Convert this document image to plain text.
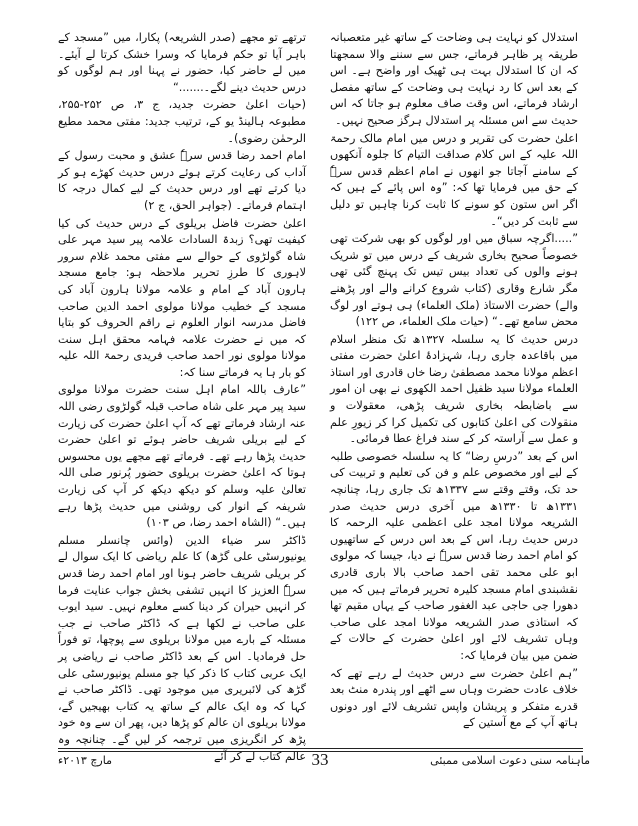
استدلال کو نہایت ہی وضاحت کے ساتھ غیر متعصبانہ طریقہ پر ظاہر فرماتے، جس سے سننے والا سمجھتا کہ ان کا استدلال بہت ہی ٹھیک اور واضح ہے۔ اس کے بعد اس کا رد نہایت ہی وضاحت کے ساتھ مفصل ارشاد فرماتے، اس وقت صاف معلوم ہو جاتا کہ اس حدیث سے اس مسئلہ پر استدلال ہرگز صحیح نہیں۔

اعلیٰ حضرت کی تقریر و درس میں امام مالک رحمۃ اللہ علیہ کے اس کلام صداقت التیام کا جلوہ آنکھوں کے سامنے آجاتا جو انھوں نے امام اعظم قدس سرہٗ کے حق میں فرمایا تھا کہ: ”وہ اس پائے کے ہیں کہ اگر اس ستون کو سونے کا ثابت کرنا چاہیں تو دلیل سے ثابت کر دیں“۔

”.....اگرچہ سباق میں اور لوگوں کو بھی شرکت تھی خصوصاً صحیح بخاری شریف کے درس میں تو شریک ہونے والوں کی تعداد بیس تیس تک پہنچ گئی تھی مگر شارع وقاری (کتاب شروع کرانے والے اور پڑھنے والے) حضرت الاستاذ (ملک العلماء) ہی ہوتے اور لوگ محض سامع تھے۔“ (حیات ملک العلماء، ص ۱۲۲)

درس حدیث کا یہ سلسلہ ۱۳۲۷ھ تک منظر اسلام میں باقاعدہ جاری رہا، شہزادۂ اعلیٰ حضرت مفتی اعظم مولانا محمد مصطفیٰ رضا خاں قادری اور استاذ العلماء مولانا سید ظفیل احمد الکھوی نے بھی ان امور سے باضابطہ بخاری شریف پڑھی، معقولات و منقولات کی اعلیٰ کتابوں کی تکمیل کرا کر زیورِ علم و عمل سے آراستہ کر کے سند فراغ عطا فرمائی۔

اس کے بعد ”درسِ رضا“ کا یہ سلسلہ خصوصی طلبہ کے لیے اور مخصوص علم و فن کی تعلیم و تربیت کی حد تک، وقتے وقتے سے ۱۳۳۷ھ تک جاری رہا، چنانچہ ۱۳۳۱ھ تا ۱۳۳۰ھ میں آخری درس حدیث صدر الشریعہ مولانا امجد علی اعظمی علیہ الرحمہ کا درس حدیث رہا، اس کے بعد اس درس کے ساتھیوں کو امام احمد رضا قدس سرہٗ نے دیا، جیسا کہ مولوی ابو علی محمد تقی احمد صاحب بالا باری قادری نقشبندی امام مسجد کلیرہ تحریر فرماتے ہیں کہ میں دھورا جی حاجی عبد الغفور صاحب کے یہاں مقیم تھا کہ استاذی صدر الشریعہ مولانا امجد علی صاحب وہاں تشریف لائے اور اعلیٰ حضرت کے حالات کے ضمن میں بیان فرمایا کہ:

”ہم اعلیٰ حضرت سے درس حدیث لے رہے تھے کہ خلاف عادت حضرت وہاں سے اٹھے اور پندرہ منٹ بعد قدرے متفکر و پریشان واپس تشریف لائے اور دونوں ہاتھ آپ کے مع آستین کے

ترتھے تو مجھے (صدر الشریعہ) پکارا، میں ”مسجد کے باہر آیا تو حکم فرمایا کہ وسرا خشک کرتا لے آیئے۔ میں لے حاضر کیا، حضور نے پہنا اور ہم لوگوں کو درس حدیث دینے لگے۔.......“

(حیات اعلیٰ حضرت جدید، ج ۳، ص ۲۵۲-۲۵۵، مطبوعہ ہالینڈ یو کے، ترتیب جدید: مفتی محمد مطیع الرحمٰن رضوی)۔

امام احمد رضا قدس سرہٗ عشق و محبت رسول کے آداب کی رعایت کرتے ہوئے درس حدیث کھڑے ہو کر دیا کرتے تھے اور درس حدیث کے لیے کمال درجہ کا اہتمام فرماتے۔ (جواہر الحق، ج ۲)

اعلیٰ حضرت فاضل بریلوی کے درس حدیث کی کیا کیفیت تھی؟ زبدۃ السادات علامہ پیر سید مہر علی شاہ گولڑوی کے حوالے سے مفتی محمد غلام سرور لاہوری کا طرزِ تحریر ملاحظہ ہو: جامع مسجد ہارون آباد کے امام و علامہ مولانا ہارون آباد کی مسجد کے خطیب مولانا مولوی احمد الدین صاحب فاضل مدرسہ انوار العلوم نے راقم الحروف کو بتایا کہ میں نے حضرت علامہ فہامہ محقق اہل سنت مولانا مولوی نور احمد صاحب فریدی رحمۃ اللہ علیہ کو بار ہا یہ فرماتے سنا کہ:

”عارف باللہ امام اہل سنت حضرت مولانا مولوی سید پیر مہر علی شاہ صاحب قبلہ گولڑوی رضی اللہ عنہ ارشاد فرماتے تھے کہ آپ اعلیٰ حضرت کی زیارت کے لیے بریلی شریف حاضر ہوئے تو اعلیٰ حضرت حدیث پڑھا رہے تھے۔ فرماتے تھے مجھے یوں محسوس ہوتا کہ اعلیٰ حضرت بریلوی حضور پُرنور صلی اللہ تعالیٰ علیہ وسلم کو دیکھ دیکھ کر آپ کی زیارت شریفہ کے انوار کی روشنی میں حدیث پڑھا رہے ہیں۔“ (الشاہ احمد رضا، ص ۱۰۳)

ڈاکٹر سر ضیاء الدین (وائس چانسلر مسلم یونیورسٹی علی گڑھ) کا علم ریاضی کا ایک سوال لے کر بریلی شریف حاضر ہونا اور امام احمد رضا قدس سرہٗ العزیز کا انہیں تشفی بخش جواب عنایت فرما کر انہیں حیران کر دینا کسے معلوم نہیں۔ سید ایوب علی صاحب نے لکھا ہے کہ ڈاکٹر صاحب نے جب مسئلہ کے بارے میں مولانا بریلوی سے پوچھا، تو فوراً حل فرمادیا۔ اس کے بعد ڈاکٹر صاحب نے ریاضی پر ایک عربی کتاب کا ذکر کیا جو مسلم یونیورسٹی علی گڑھ کی لائبریری میں موجود تھی۔ ڈاکٹر صاحب نے کہا کہ وہ ایک عالم کے ساتھ یہ کتاب بھیجیں گے، مولانا بریلوی ان عالم کو پڑھا دیں، پھر ان سے وہ خود پڑھ کر انگریزی میں ترجمہ کر لیں گے۔ چنانچہ وہ عالم کتاب لے کر آئے	ماہنامہ سنی دعوت اسلامی ممبئی
33
مارچ ۲۰۱۳ء
